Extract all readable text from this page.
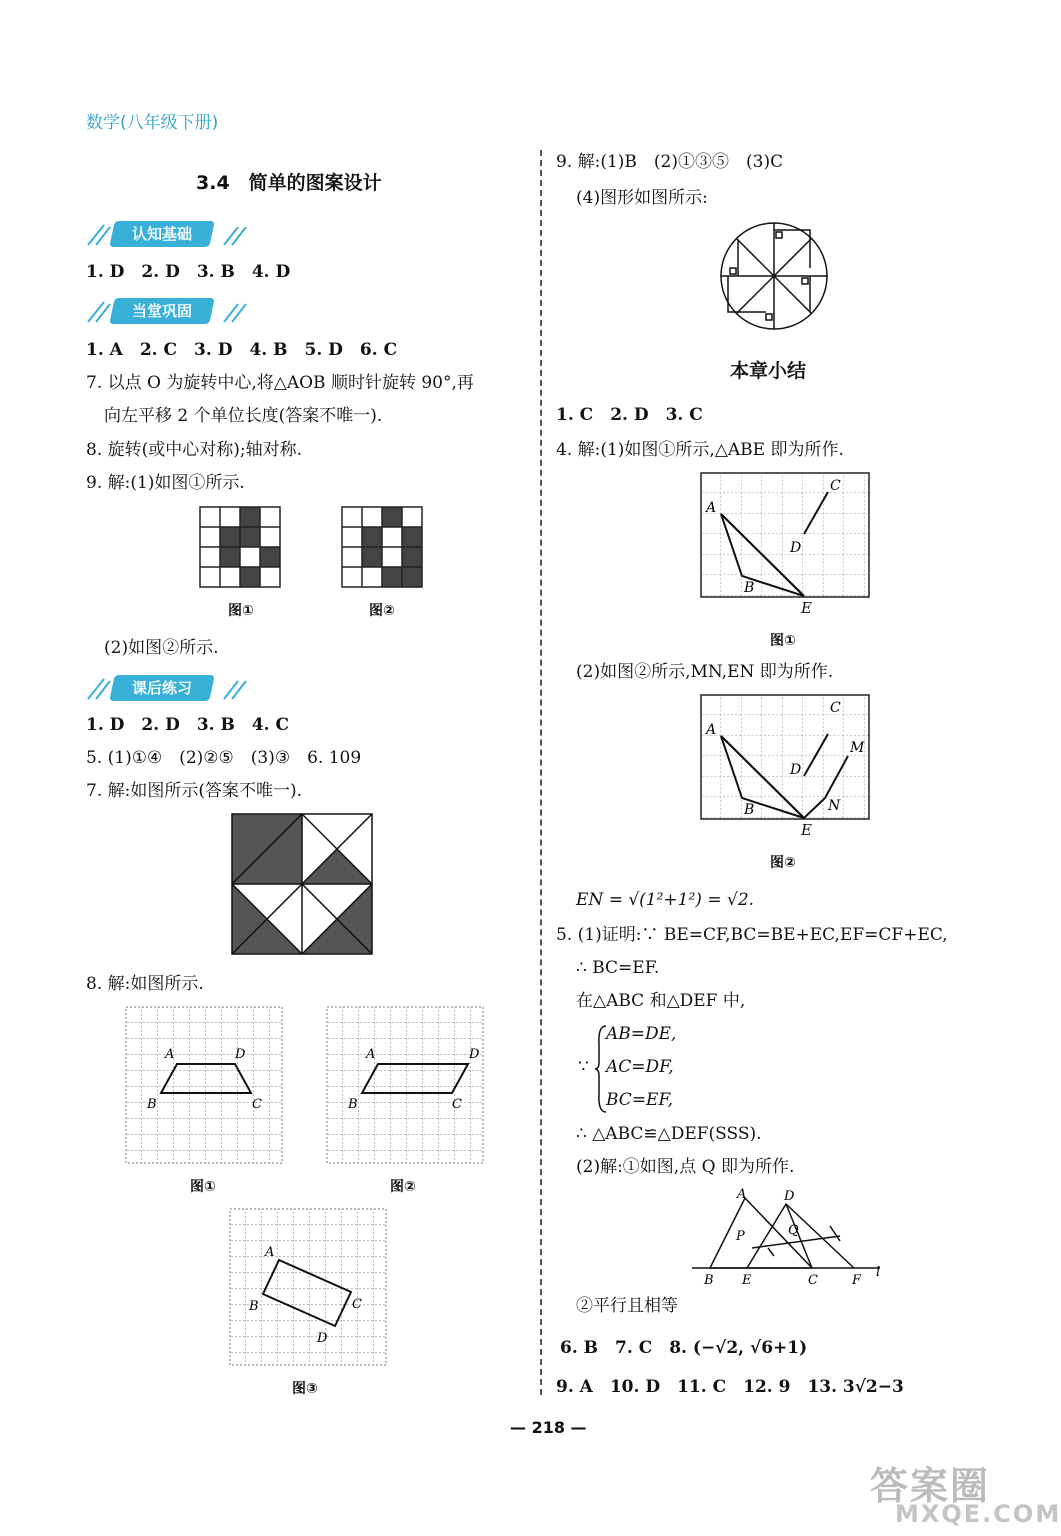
数学(八年级下册)
3.4　简单的图案设计
认知基础
1. D　2. D　3. B　4. D
当堂巩固
1. A　2. C　3. D　4. B　5. D　6. C
7. 以点 O 为旋转中心,将△AOB 顺时针旋转 90°,再
向左平移 2 个单位长度(答案不唯一).
8. 旋转(或中心对称);轴对称.
9. 解:(1)如图①所示.
图①	图②
(2)如图②所示.
课后练习
1. D　2. D　3. B　4. C
5. (1)①④　(2)②⑤　(3)③　6. 109
7. 解:如图所示(答案不唯一).
8. 解:如图所示.
A	D
B	C
A	D
B	C
图①	图②
A
B	C
D
图③
9. 解:(1)B　(2)①③⑤　(3)C
(4)图形如图所示:
本章小结
1. C　2. D　3. C
4. 解:(1)如图①所示,△ABE 即为所作.
A
B
C
D
E
图①
(2)如图②所示,MN,EN 即为所作.
A
B
C
D
M
N
E
图②
EN = √(1²+1²) = √2.
5. (1)证明:∵ BE=CF,BC=BE+EC,EF=CF+EC,
∴ BC=EF.
在△ABC 和△DEF 中,
∵
AB=DE,
AC=DF,
BC=EF,
∴ △ABC≌△DEF(SSS).
(2)解:①如图,点 Q 即为所作.
A	D
P	Q
B E	C	F
l
②平行且相等
6. B　7. C　8. (−√2, √6+1)
9. A　10. D　11. C　12. 9　13. 3√2−3
— 218 —
答案圈
MXQE.COM
